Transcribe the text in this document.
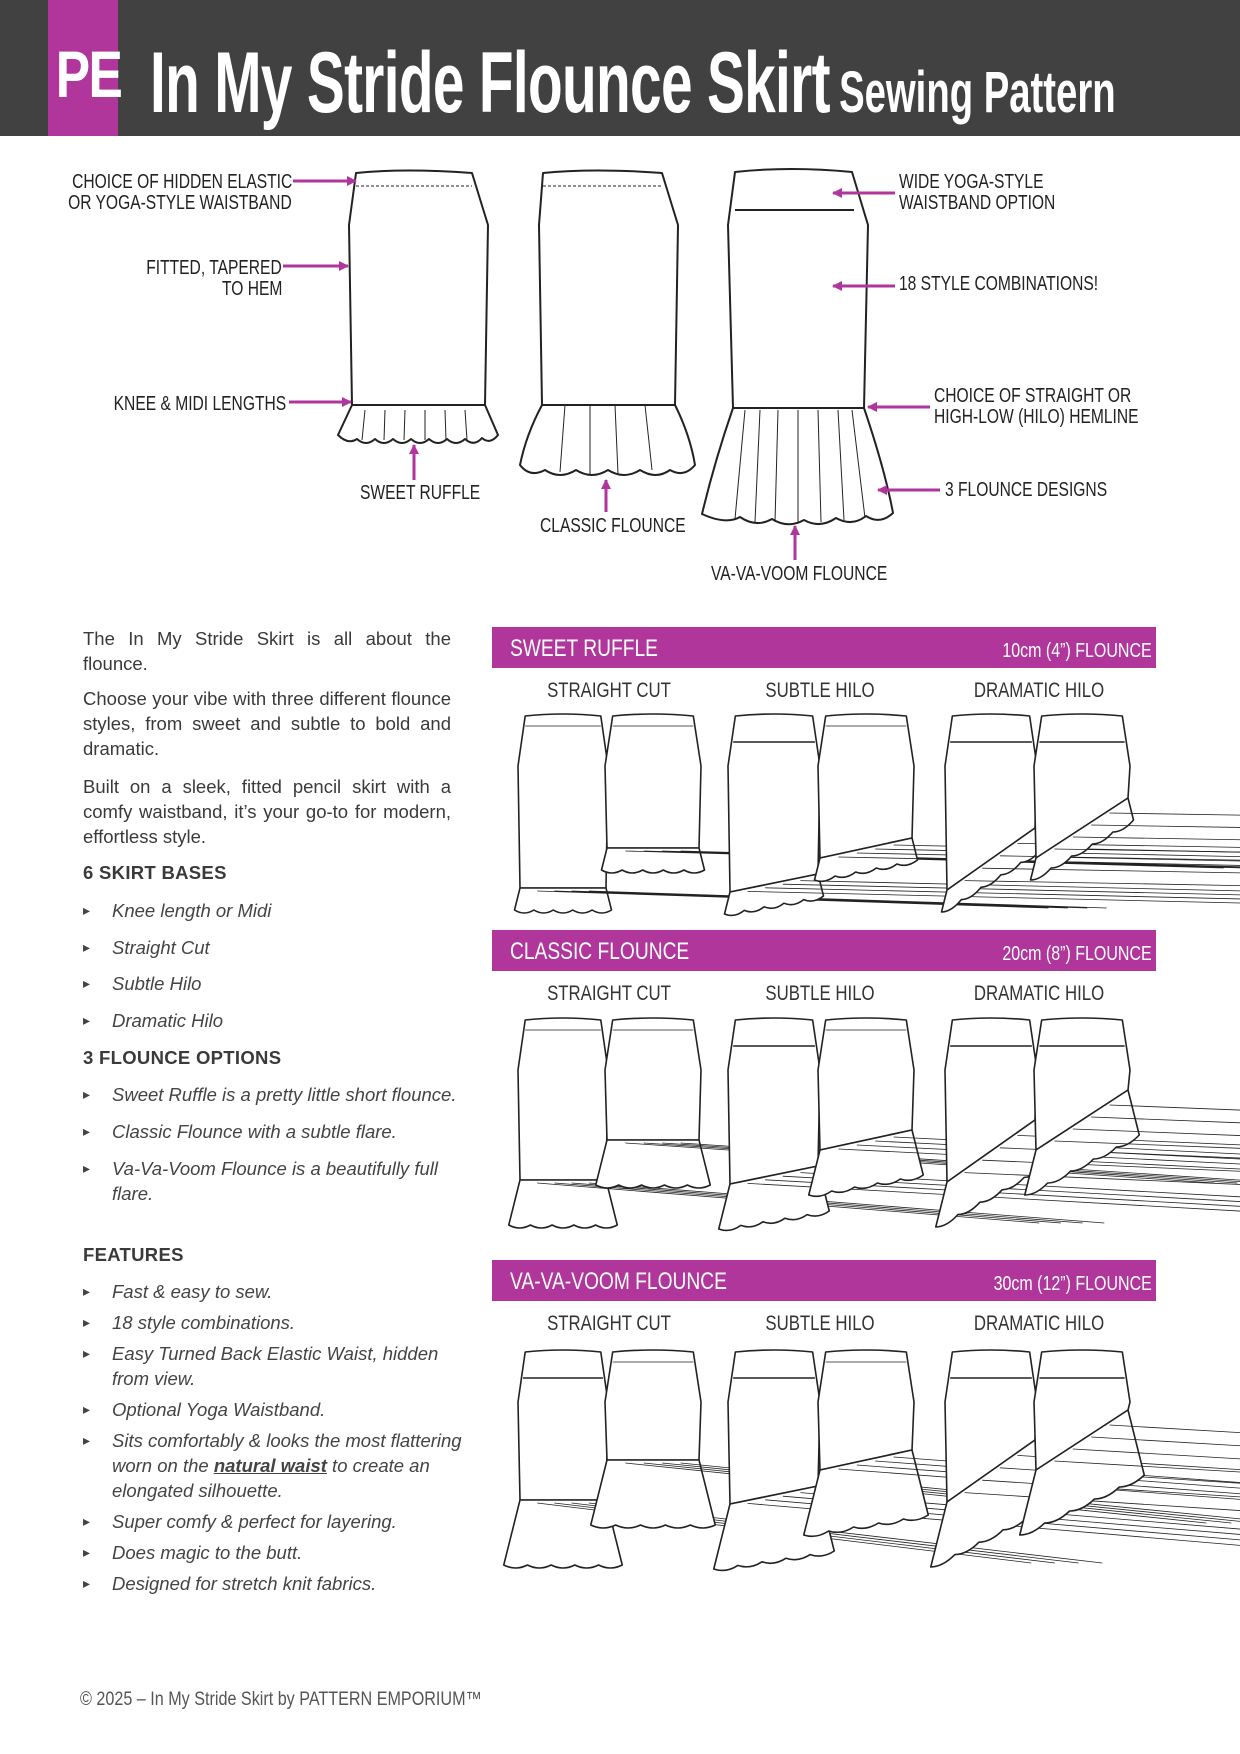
PE In My Stride Flounce Skirt Sewing Pattern
CHOICE OF HIDDEN ELASTIC
OR YOGA-STYLE WAISTBAND
FITTED, TAPERED
TO HEM
KNEE & MIDI LENGTHS
SWEET RUFFLE
CLASSIC FLOUNCE
VA-VA-VOOM FLOUNCE
WIDE YOGA-STYLE
WAISTBAND OPTION
18 STYLE COMBINATIONS!
CHOICE OF STRAIGHT OR
HIGH-LOW (HILO) HEMLINE
3 FLOUNCE DESIGNS

The In My Stride Skirt is all about the flounce.

Choose your vibe with three different flounce styles, from sweet and subtle to bold and dramatic.

Built on a sleek, fitted pencil skirt with a comfy waistband, it’s your go-to for modern, effortless style.

6 SKIRT BASES
▸ Knee length or Midi
▸ Straight Cut
▸ Subtle Hilo
▸ Dramatic Hilo
3 FLOUNCE OPTIONS
▸ Sweet Ruffle is a pretty little short flounce.
▸ Classic Flounce with a subtle flare.
▸ Va-Va-Voom Flounce is a beautifully full flare.
FEATURES
▸ Fast & easy to sew.
▸ 18 style combinations.
▸ Easy Turned Back Elastic Waist, hidden from view.
▸ Optional Yoga Waistband.
▸ Sits comfortably & looks the most flattering worn on the natural waist to create an elongated silhouette.
▸ Super comfy & perfect for layering.
▸ Does magic to the butt.
▸ Designed for stretch knit fabrics.
SWEET RUFFLE	10cm (4”) FLOUNCE
CLASSIC FLOUNCE	20cm (8”) FLOUNCE
VA-VA-VOOM FLOUNCE	30cm (12”) FLOUNCE
STRAIGHT CUT	SUBTLE HILO	DRAMATIC HILO
STRAIGHT CUT	SUBTLE HILO	DRAMATIC HILO
STRAIGHT CUT	SUBTLE HILO	DRAMATIC HILO
© 2025 – In My Stride Skirt by PATTERN EMPORIUM™
